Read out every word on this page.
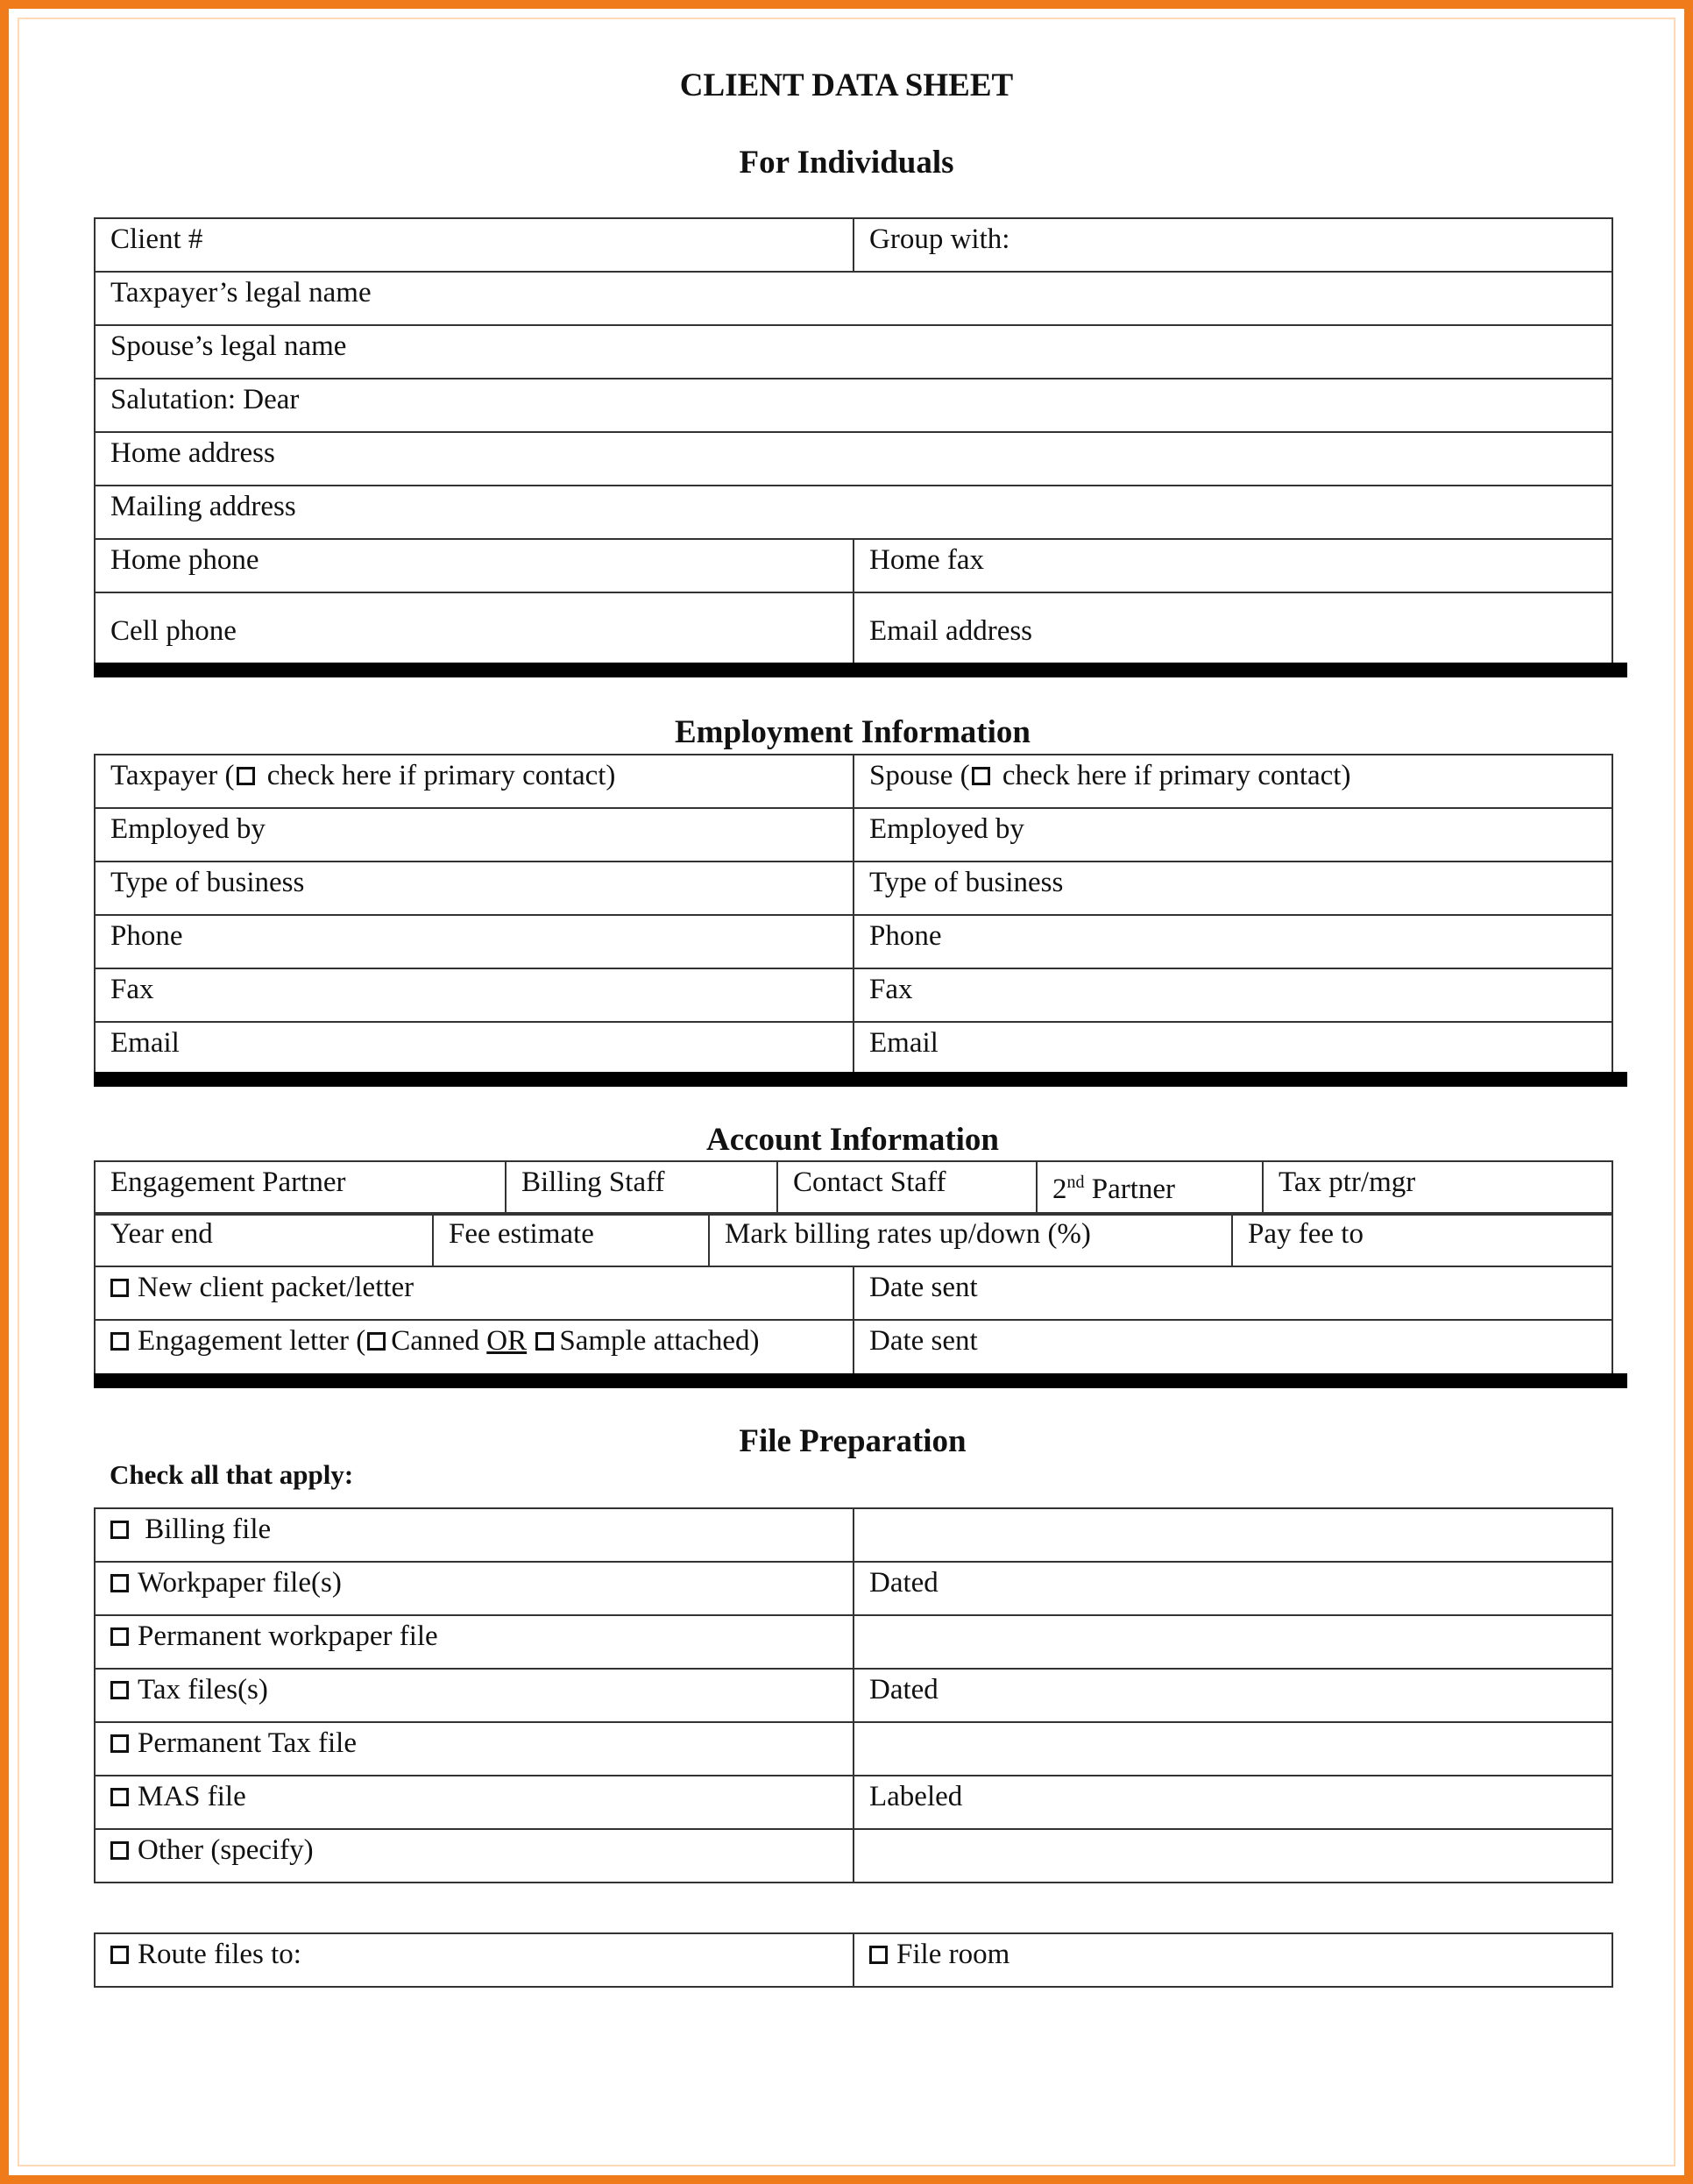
CLIENT DATA SHEET
For Individuals
Client #	Group with:
Taxpayer’s legal name	
Spouse’s legal name	
Salutation: Dear	
Home address	
Mailing address	
Home phone	Home fax
Cell phone	Email address
Employment Information
Taxpayer ( check here if primary contact)	Spouse ( check here if primary contact)
Employed by	Employed by
Type of business	Type of business
Phone	Phone
Fax	Fax
Email	Email
Account Information
Engagement Partner	Billing Staff	Contact Staff	2nd Partner	Tax ptr/mgr
Year end	Fee estimate	Mark billing rates up/down (%)	Pay fee to
New client packet/letter	Date sent
Engagement letter ( Canned OR Sample attached)	Date sent
File Preparation
Check all that apply:
Billing file	
Workpaper file(s)	Dated
Permanent workpaper file	
Tax files(s)	Dated
Permanent Tax file	
MAS file	Labeled
Other (specify)	
Route files to:	File room
